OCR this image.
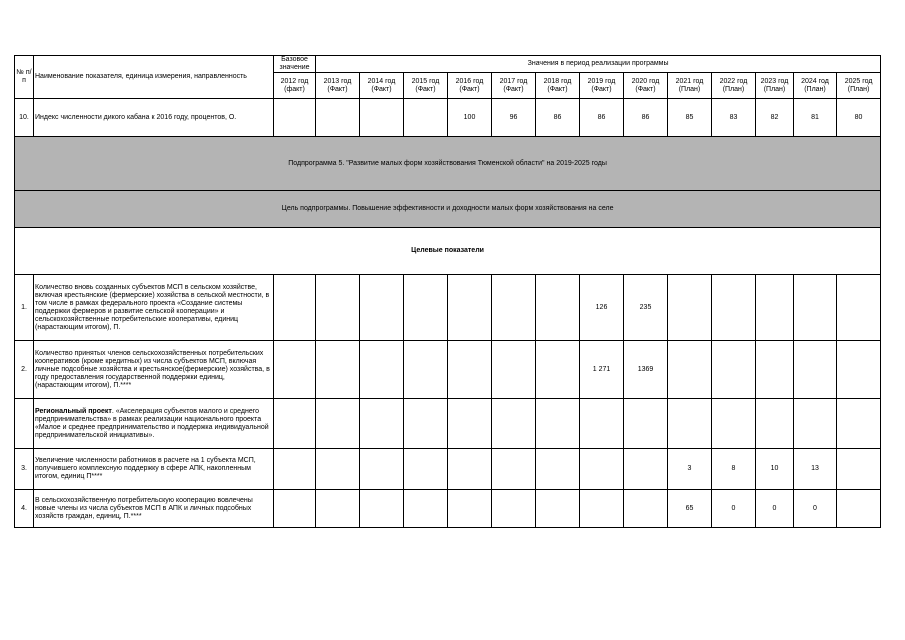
№ п/п	Наименование показателя, единица измерения, направленность	Базовое значение	Значения в период реализации программы												
		2012 год (факт)	2013 год (Факт)	2014 год (Факт)	2015 год (Факт)	2016 год (Факт)	2017 год (Факт)	2018 год (Факт)	2019 год (Факт)	2020 год (Факт)	2021 год (План)	2022 год (План)	2023 год (План)	2024 год (План)	2025 год (План)
10.	Индекс численности дикого кабана к 2016 году, процентов, О.					100	96	86	86	86	85	83	82	81	80
Подпрограмма 5. "Развитие малых форм хозяйствования Тюменской области" на 2019-2025 годы															
Цель подпрограммы. Повышение эффективности и доходности малых форм хозяйствования на селе															
Целевые показатели															
1.	Количество вновь созданных субъектов МСП в сельском хозяйстве, включая крестьянские (фермерские) хозяйства в сельской местности, в том числе в рамках федерального проекта «Создание системы поддержки фермеров и развитие сельской кооперации» и сельскохозяйственные потребительские кооперативы, единиц (нарастающим итогом), П.								126	235					
2.	Количество принятых членов сельскохозяйственных потребительских кооперативов (кроме кредитных) из числа субъектов МСП, включая личные подсобные хозяйства и крестьянское(фермерские) хозяйства, в году предоставления государственной поддержки единиц, (нарастающим итогом), П.****								1 271	1369					
	Региональный проект. «Акселерация субъектов малого и среднего предпринимательства» в рамках реализации национального проекта «Малое и среднее предпринимательство и поддержка индивидуальной предпринимательской инициативы».														
3.	Увеличение численности работников в расчете на 1 субъекта МСП, получившего комплексную поддержку в сфере АПК, накопленным итогом, единиц П****										3	8	10	13	
4.	В сельскохозяйственную потребительскую кооперацию вовлечены новые члены из числа субъектов МСП в АПК и личных подсобных хозяйств граждан, единиц, П.****										65	0	0	0	
